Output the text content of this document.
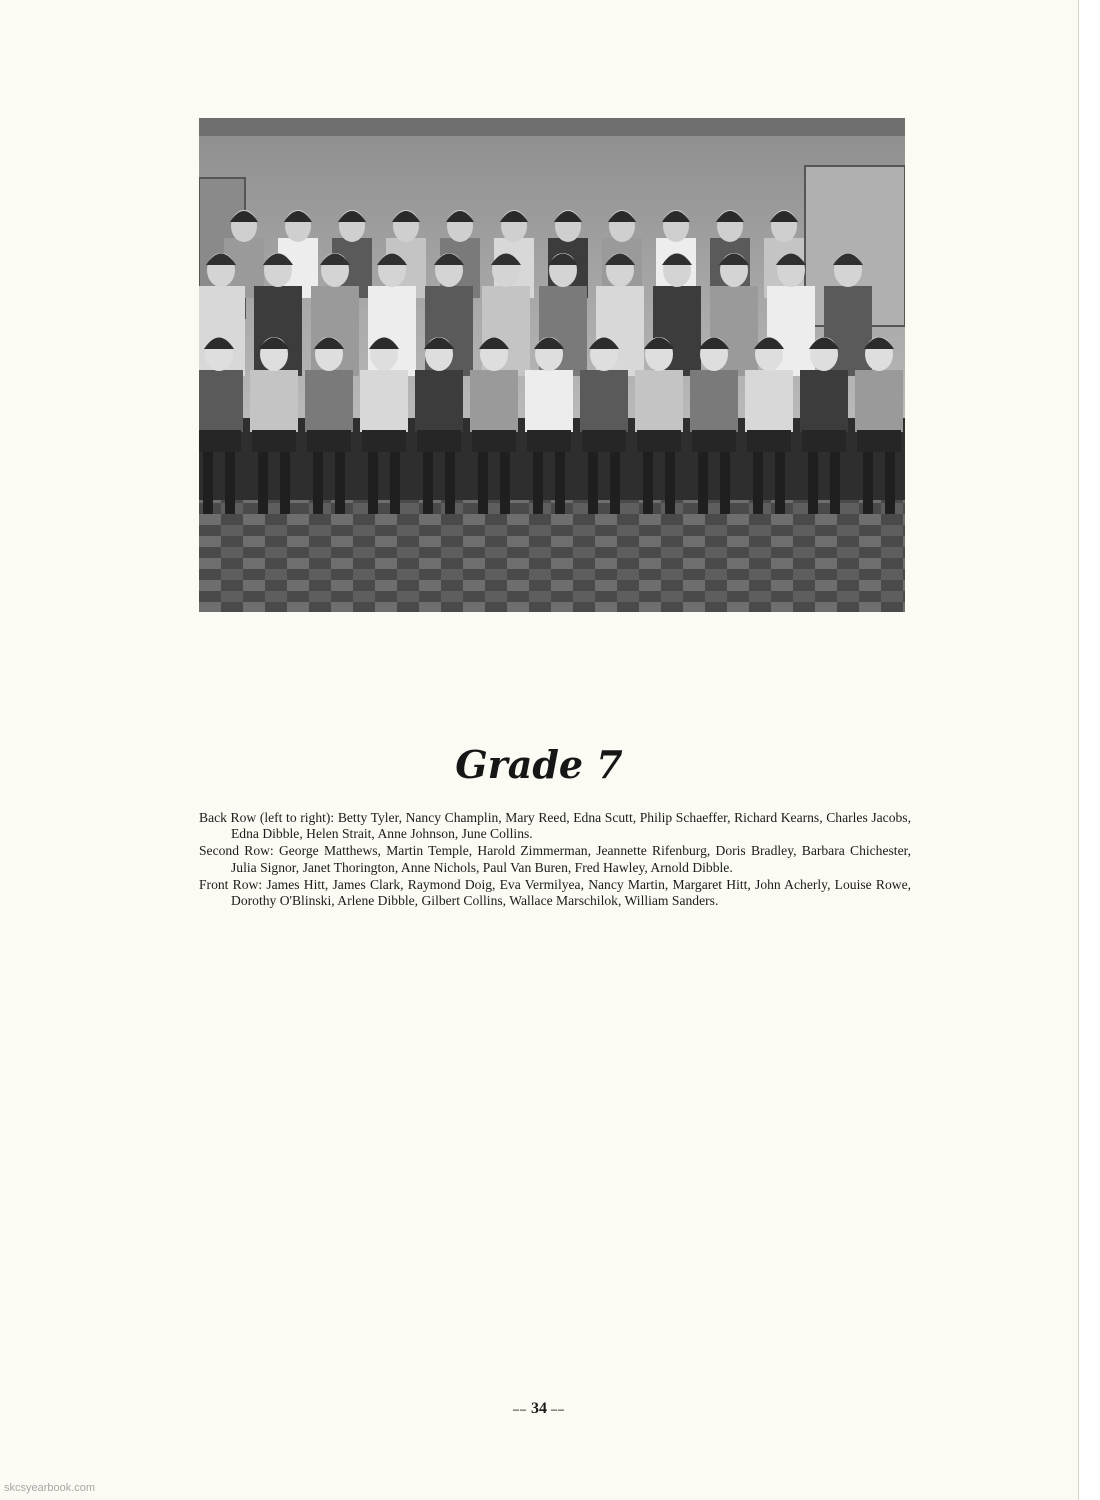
Grade 7

Back Row (left to right): Betty Tyler, Nancy Champlin, Mary Reed, Edna Scutt, Philip Schaeffer, Richard Kearns, Charles Jacobs, Edna Dibble, Helen Strait, Anne Johnson, June Collins.

Second Row: George Matthews, Martin Temple, Harold Zimmerman, Jeannette Rifenburg, Doris Bradley, Barbara Chichester, Julia Signor, Janet Thorington, Anne Nichols, Paul Van Buren, Fred Hawley, Arnold Dibble.

Front Row: James Hitt, James Clark, Raymond Doig, Eva Vermilyea, Nancy Martin, Margaret Hitt, John Acherly, Louise Rowe, Dorothy O'Blinski, Arlene Dibble, Gilbert Collins, Wallace Marschilok, William Sanders.

–– 34 ––
skcsyearbook.com
